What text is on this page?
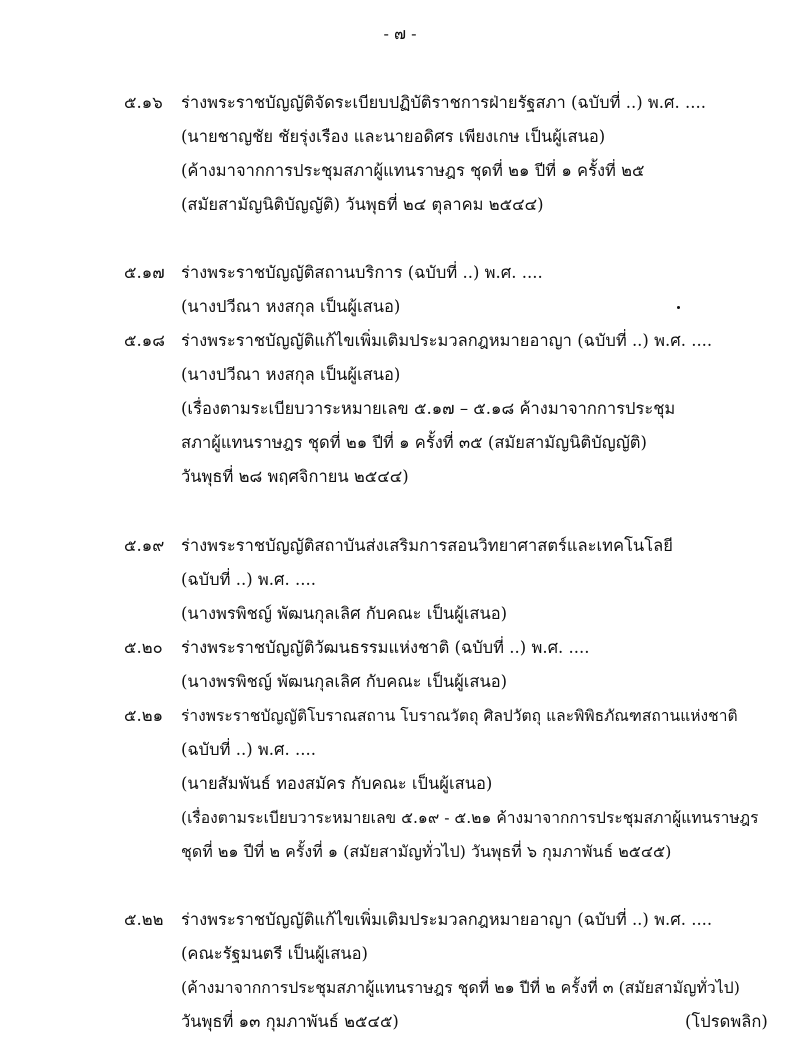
- ๗ -
๕.๑๖ ร่างพระราชบัญญัติจัดระเบียบปฏิบัติราชการฝ่ายรัฐสภา (ฉบับที่ ..) พ.ศ. ....
(นายชาญชัย ชัยรุ่งเรือง และนายอดิศร เพียงเกษ เป็นผู้เสนอ)
(ค้างมาจากการประชุมสภาผู้แทนราษฎร ชุดที่ ๒๑ ปีที่ ๑ ครั้งที่ ๒๕
(สมัยสามัญนิติบัญญัติ) วันพุธที่ ๒๔ ตุลาคม ๒๕๔๔)
๕.๑๗ ร่างพระราชบัญญัติสถานบริการ (ฉบับที่ ..) พ.ศ. ....
(นางปวีณา หงสกุล เป็นผู้เสนอ)
๕.๑๘ ร่างพระราชบัญญัติแก้ไขเพิ่มเติมประมวลกฎหมายอาญา (ฉบับที่ ..) พ.ศ. ....
(นางปวีณา หงสกุล เป็นผู้เสนอ)
(เรื่องตามระเบียบวาระหมายเลข ๕.๑๗ – ๕.๑๘ ค้างมาจากการประชุม
สภาผู้แทนราษฎร ชุดที่ ๒๑ ปีที่ ๑ ครั้งที่ ๓๕ (สมัยสามัญนิติบัญญัติ)
วันพุธที่ ๒๘ พฤศจิกายน ๒๕๔๔)
๕.๑๙ ร่างพระราชบัญญัติสถาบันส่งเสริมการสอนวิทยาศาสตร์และเทคโนโลยี
(ฉบับที่ ..) พ.ศ. ....
(นางพรพิชญ์ พัฒนกุลเลิศ กับคณะ เป็นผู้เสนอ)
๕.๒๐ ร่างพระราชบัญญัติวัฒนธรรมแห่งชาติ (ฉบับที่ ..) พ.ศ. ....
(นางพรพิชญ์ พัฒนกุลเลิศ กับคณะ เป็นผู้เสนอ)
๕.๒๑ ร่างพระราชบัญญัติโบราณสถาน โบราณวัตถุ ศิลปวัตถุ และพิพิธภัณฑสถานแห่งชาติ
(ฉบับที่ ..) พ.ศ. ....
(นายสัมพันธ์ ทองสมัคร กับคณะ เป็นผู้เสนอ)
(เรื่องตามระเบียบวาระหมายเลข ๕.๑๙ - ๕.๒๑ ค้างมาจากการประชุมสภาผู้แทนราษฎร
ชุดที่ ๒๑ ปีที่ ๒ ครั้งที่ ๑ (สมัยสามัญทั่วไป) วันพุธที่ ๖ กุมภาพันธ์ ๒๕๔๕)
๕.๒๒ ร่างพระราชบัญญัติแก้ไขเพิ่มเติมประมวลกฎหมายอาญา (ฉบับที่ ..) พ.ศ. ....
(คณะรัฐมนตรี เป็นผู้เสนอ)
(ค้างมาจากการประชุมสภาผู้แทนราษฎร ชุดที่ ๒๑ ปีที่ ๒ ครั้งที่ ๓ (สมัยสามัญทั่วไป)
วันพุธที่ ๑๓ กุมภาพันธ์ ๒๕๔๕)	(โปรดพลิก)
